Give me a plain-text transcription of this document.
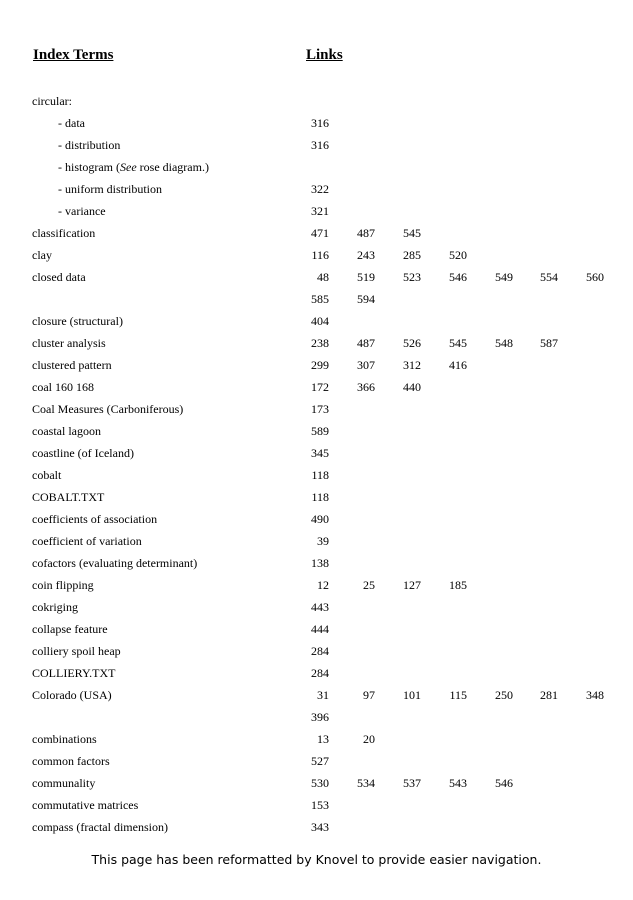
Index Terms	Links
circular:
- data	316
- distribution	316
- histogram (See rose diagram.)
- uniform distribution	322
- variance	321
classification	471	487	545
clay	116	243	285	520
closed data	48	519	523	546	549	554	560
585	594
closure (structural)	404
cluster analysis	238	487	526	545	548	587
clustered pattern	299	307	312	416
coal 160 168	172	366	440
Coal Measures (Carboniferous)	173
coastal lagoon	589
coastline (of Iceland)	345
cobalt	118
COBALT.TXT	118
coefficients of association	490
coefficient of variation	39
cofactors (evaluating determinant)	138
coin flipping	12	25	127	185
cokriging	443
collapse feature	444
colliery spoil heap	284
COLLIERY.TXT	284
Colorado (USA)	31	97	101	115	250	281	348
396
combinations	13	20
common factors	527
communality	530	534	537	543	546
commutative matrices	153
compass (fractal dimension)	343
This page has been reformatted by Knovel to provide easier navigation.
